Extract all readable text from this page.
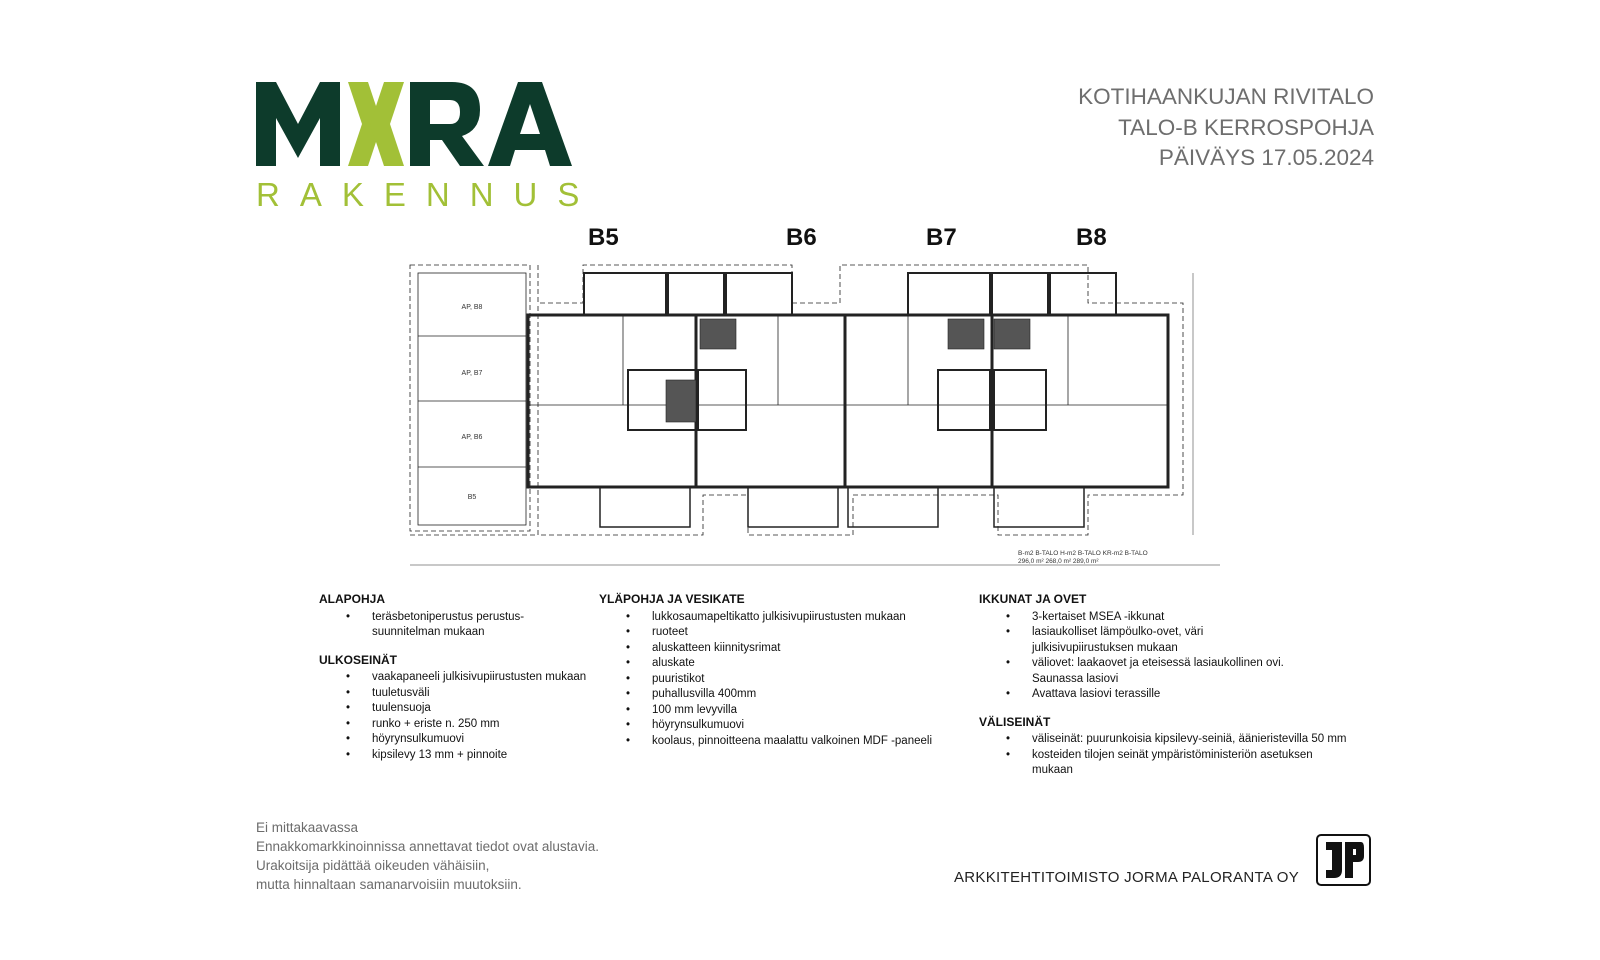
RAKENNUS
KOTIHAANKUJAN RIVITALO
TALO-B KERROSPOHJA
PÄIVÄYS 17.05.2024
B5	B6	B7	B8
AP, B8
AP, B7
AP, B6
B5
B-m2 B-TALO H-m2 B-TALO KR-m2 B-TALO
296,0 m² 268,0 m² 289,0 m²
ALAPOHJA
• teräsbetoniperustus perustus-
suunnitelman mukaan
ULKOSEINÄT
• vaakapaneeli julkisivupiirustusten mukaan
• tuuletusväli
• tuulensuoja
• runko + eriste n. 250 mm
• höyrynsulkumuovi
• kipsilevy 13 mm + pinnoite
YLÄPOHJA JA VESIKATE
• lukkosaumapeltikatto julkisivupiirustusten mukaan
• ruoteet
• aluskatteen kiinnitysrimat
• aluskate
• puuristikot
• puhallusvilla 400mm
• 100 mm levyvilla
• höyrynsulkumuovi
• koolaus, pinnoitteena maalattu valkoinen MDF -paneeli
IKKUNAT JA OVET
• 3-kertaiset MSEA -ikkunat
• lasiaukolliset lämpöulko-ovet, väri
julkisivupiirustuksen mukaan
• väliovet: laakaovet ja eteisessä lasiaukollinen ovi.
Saunassa lasiovi
• Avattava lasiovi terassille
VÄLISEINÄT
• väliseinät: puurunkoisia kipsilevy-seiniä, äänieristevilla 50 mm
• kosteiden tilojen seinät ympäristöministeriön asetuksen
mukaan
Ei mittakaavassa
Ennakkomarkkinoinnissa annettavat tiedot ovat alustavia.
Urakoitsija pidättää oikeuden vähäisiin,
mutta hinnaltaan samanarvoisiin muutoksiin.	ARKKITEHTITOIMISTO JORMA PALORANTA OY
